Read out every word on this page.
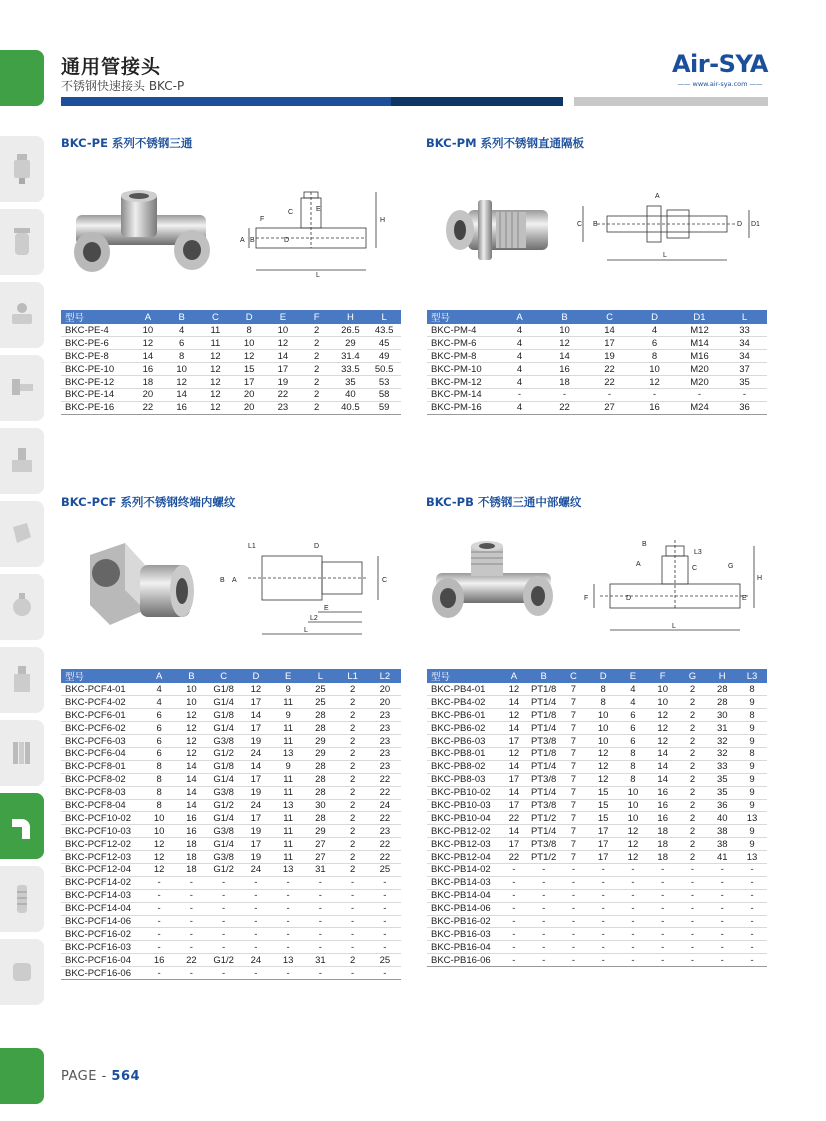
通用管接头
不锈钢快速接头 BKC-P
Air-SYA
—— www.air-sya.com ——
BKC-PE 系列不锈钢三通
L
H
A B
C
D
E
F
型号	A	B	C	D	E	F	H	L
BKC-PE-4	10	4	11	8	10	2	26.5	43.5
BKC-PE-6	12	6	11	10	12	2	29	45
BKC-PE-8	14	8	12	12	14	2	31.4	49
BKC-PE-10	16	10	12	15	17	2	33.5	50.5
BKC-PE-12	18	12	12	17	19	2	35	53
BKC-PE-14	20	14	12	20	22	2	40	58
BKC-PE-16	22	16	12	20	23	2	40.5	59
BKC-PM 系列不锈钢直通隔板
A
B
C	D D1
L
型号	A	B	C	D	D1	L
BKC-PM-4	4	10	14	4	M12	33
BKC-PM-6	4	12	17	6	M14	34
BKC-PM-8	4	14	19	8	M16	34
BKC-PM-10	4	16	22	10	M20	37
BKC-PM-12	4	18	22	12	M20	35
BKC-PM-14	-	-	-	-	-	-
BKC-PM-16	4	22	27	16	M24	36
BKC-PCF 系列不锈钢终端内螺纹
L1	D
B A	C
E
L2
L
型号	A	B	C	D	E	L	L1	L2
BKC-PCF4-01	4	10	G1/8	12	9	25	2	20
BKC-PCF4-02	4	10	G1/4	17	11	25	2	20
BKC-PCF6-01	6	12	G1/8	14	9	28	2	23
BKC-PCF6-02	6	12	G1/4	17	11	28	2	23
BKC-PCF6-03	6	12	G3/8	19	11	29	2	23
BKC-PCF6-04	6	12	G1/2	24	13	29	2	23
BKC-PCF8-01	8	14	G1/8	14	9	28	2	23
BKC-PCF8-02	8	14	G1/4	17	11	28	2	22
BKC-PCF8-03	8	14	G3/8	19	11	28	2	22
BKC-PCF8-04	8	14	G1/2	24	13	30	2	24
BKC-PCF10-02	10	16	G1/4	17	11	28	2	22
BKC-PCF10-03	10	16	G3/8	19	11	29	2	23
BKC-PCF12-02	12	18	G1/4	17	11	27	2	22
BKC-PCF12-03	12	18	G3/8	19	11	27	2	22
BKC-PCF12-04	12	18	G1/2	24	13	31	2	25
BKC-PCF14-02	-	-	-	-	-	-	-	-
BKC-PCF14-03	-	-	-	-	-	-	-	-
BKC-PCF14-04	-	-	-	-	-	-	-	-
BKC-PCF14-06	-	-	-	-	-	-	-	-
BKC-PCF16-02	-	-	-	-	-	-	-	-
BKC-PCF16-03	-	-	-	-	-	-	-	-
BKC-PCF16-04	16	22	G1/2	24	13	31	2	25
BKC-PCF16-06	-	-	-	-	-	-	-	-
BKC-PB 不锈钢三通中部螺纹
B
L3
G
A
C
F	D	E
H
L
型号	A	B	C	D	E	F	G	H	L3
BKC-PB4-01	12	PT1/8	7	8	4	10	2	28	8
BKC-PB4-02	14	PT1/4	7	8	4	10	2	28	9
BKC-PB6-01	12	PT1/8	7	10	6	12	2	30	8
BKC-PB6-02	14	PT1/4	7	10	6	12	2	31	9
BKC-PB6-03	17	PT3/8	7	10	6	12	2	32	9
BKC-PB8-01	12	PT1/8	7	12	8	14	2	32	8
BKC-PB8-02	14	PT1/4	7	12	8	14	2	33	9
BKC-PB8-03	17	PT3/8	7	12	8	14	2	35	9
BKC-PB10-02	14	PT1/4	7	15	10	16	2	35	9
BKC-PB10-03	17	PT3/8	7	15	10	16	2	36	9
BKC-PB10-04	22	PT1/2	7	15	10	16	2	40	13
BKC-PB12-02	14	PT1/4	7	17	12	18	2	38	9
BKC-PB12-03	17	PT3/8	7	17	12	18	2	38	9
BKC-PB12-04	22	PT1/2	7	17	12	18	2	41	13
BKC-PB14-02	-	-	-	-	-	-	-	-	-
BKC-PB14-03	-	-	-	-	-	-	-	-	-
BKC-PB14-04	-	-	-	-	-	-	-	-	-
BKC-PB14-06	-	-	-	-	-	-	-	-	-
BKC-PB16-02	-	-	-	-	-	-	-	-	-
BKC-PB16-03	-	-	-	-	-	-	-	-	-
BKC-PB16-04	-	-	-	-	-	-	-	-	-
BKC-PB16-06	-	-	-	-	-	-	-	-	-
PAGE - 564
